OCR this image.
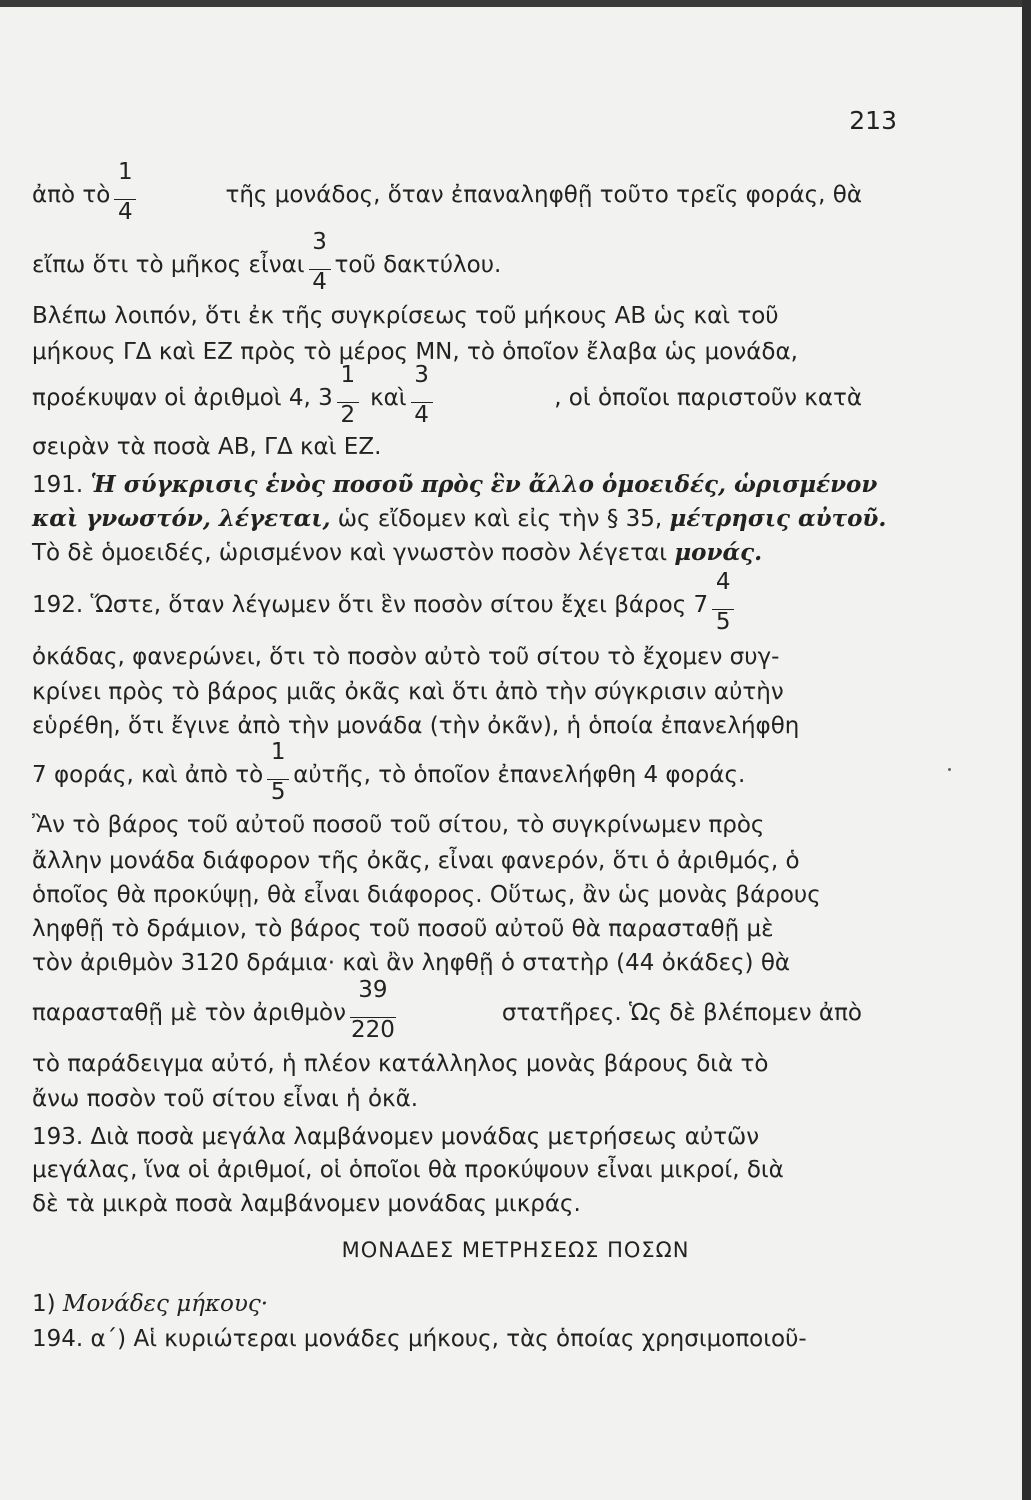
213
ἀπὸ τὸ $\frac{1}{4}$	τῆς μονάδος, ὅταν ἐπαναληφθῇ τοῦτο τρεῖς φοράς, θὰ
εἴπω ὅτι τὸ μῆκος εἶναι $\frac{3}{4}$ τοῦ δακτύλου.
Βλέπω λοιπόν, ὅτι ἐκ τῆς συγκρίσεως τοῦ μήκους ΑΒ ὡς καὶ τοῦ
μήκους ΓΔ καὶ ΕΖ πρὸς τὸ μέρος ΜΝ, τὸ ὁποῖον ἔλαβα ὡς μονάδα,
προέκυψαν οἱ ἀριθμοὶ 4, $3 \frac{1}{2}$ καὶ $\frac{3}{4}$	, οἱ ὁποῖοι παριστοῦν κατὰ
σειρὰν τὰ ποσὰ ΑΒ, ΓΔ καὶ ΕΖ.
191. Ἡ σύγκρισις ἑνὸς ποσοῦ πρὸς ἓν ἄλλο ὁμοειδές, ὡρισμένον
καὶ γνωστόν, λέγεται, ὡς εἴδομεν καὶ εἰς τὴν § 35, μέτρησις αὐτοῦ.
Τὸ δὲ ὁμοειδές, ὡρισμένον καὶ γνωστὸν ποσὸν λέγεται μονάς.
192. Ὥστε, ὅταν λέγωμεν ὅτι ἓν ποσὸν σίτου ἔχει βάρος $7 \frac{4}{5}$
ὀκάδας, φανερώνει, ὅτι τὸ ποσὸν αὐτὸ τοῦ σίτου τὸ ἔχομεν συγ-
κρίνει πρὸς τὸ βάρος μιᾶς ὀκᾶς καὶ ὅτι ἀπὸ τὴν σύγκρισιν αὐτὴν
εὑρέθη, ὅτι ἔγινε ἀπὸ τὴν μονάδα (τὴν ὀκᾶν), ἡ ὁποία ἐπανελήφθη
7 φοράς, καὶ ἀπὸ τὸ $\frac{1}{5}$ αὐτῆς, τὸ ὁποῖον ἐπανελήφθη 4 φοράς.
Ἂν τὸ βάρος τοῦ αὐτοῦ ποσοῦ τοῦ σίτου, τὸ συγκρίνωμεν πρὸς
ἄλλην μονάδα διάφορον τῆς ὀκᾶς, εἶναι φανερόν, ὅτι ὁ ἀριθμός, ὁ
ὁποῖος θὰ προκύψῃ, θὰ εἶναι διάφορος. Οὕτως, ἂν ὡς μονὰς βάρους
ληφθῇ τὸ δράμιον, τὸ βάρος τοῦ ποσοῦ αὐτοῦ θὰ παρασταθῇ μὲ
τὸν ἀριθμὸν 3120 δράμια· καὶ ἂν ληφθῇ ὁ στατὴρ (44 ὀκάδες) θὰ
παρασταθῇ μὲ τὸν ἀριθμὸν $\frac{39}{220}$	στατῆρες. Ὡς δὲ βλέπομεν ἀπὸ
τὸ παράδειγμα αὐτό, ἡ πλέον κατάλληλος μονὰς βάρους διὰ τὸ
ἄνω ποσὸν τοῦ σίτου εἶναι ἡ ὀκᾶ.
193. Διὰ ποσὰ μεγάλα λαμβάνομεν μονάδας μετρήσεως αὐτῶν
μεγάλας, ἵνα οἱ ἀριθμοί, οἱ ὁποῖοι θὰ προκύψουν εἶναι μικροί, διὰ
δὲ τὰ μικρὰ ποσὰ λαμβάνομεν μονάδας μικράς.
ΜΟΝΑΔΕΣ ΜΕΤΡΗΣΕΩΣ ΠΟΣΩΝ
1) Μονάδες μήκους·
194. α΄) Αἱ κυριώτεραι μονάδες μήκους, τὰς ὁποίας χρησιμοποιοῦ-
